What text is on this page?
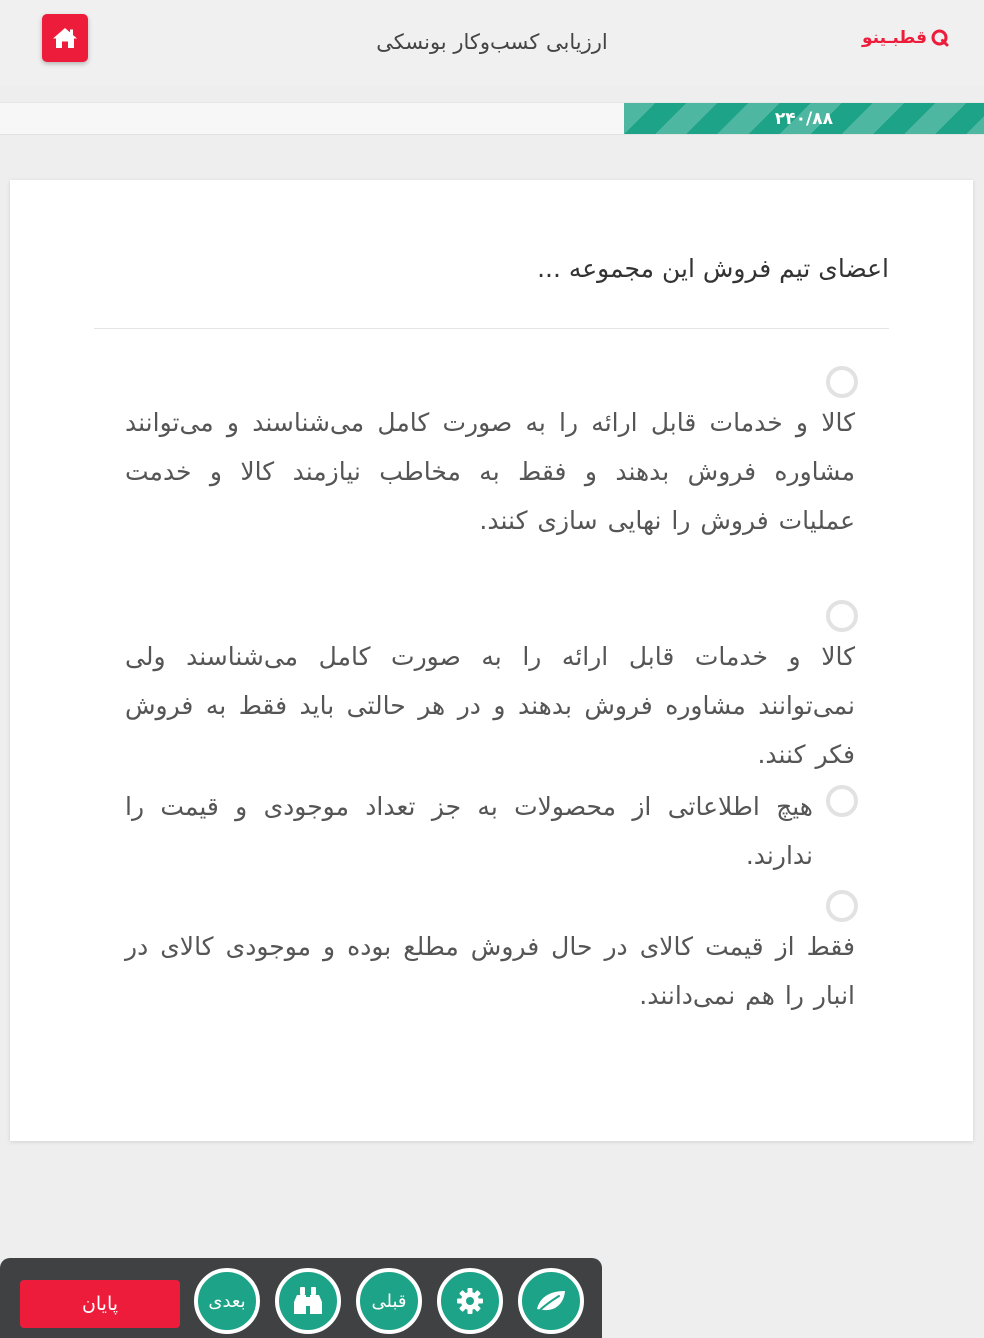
ارزیابی کسب‌وکار بونسکی	قطبـینو
۲۴۰/۸۸
اعضای تیم فروش این مجموعه ...
کالا و خدمات قابل ارائه را به صورت کامل می‌شناسند و می‌توانند مشاوره فروش بدهند و فقط به مخاطب نیازمند کالا و خدمت عملیات فروش را نهایی سازی کنند.
کالا و خدمات قابل ارائه را به صورت کامل می‌شناسند ولی نمی‌توانند مشاوره فروش بدهند و در هر حالتی باید فقط به فروش فکر کنند.
هیچ اطلاعاتی از محصولات به جز تعداد موجودی و قیمت را ندارند.
فقط از قیمت کالای در حال فروش مطلع بوده و موجودی کالای در انبار را هم نمی‌دانند.
پایان	بعدی	قبلی
